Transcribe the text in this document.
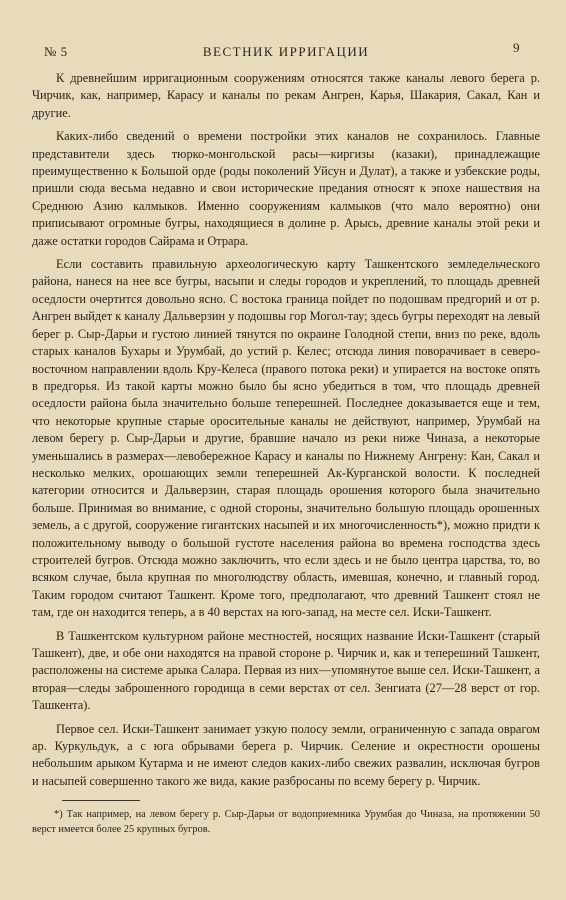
№ 5	ВЕСТНИК ИРРИГАЦИИ	9

К древнейшим ирригационным сооружениям относятся также каналы левого берега р. Чирчик, как, например, Карасу и каналы по рекам Ангрен, Карья, Шакария, Сакал, Кан и другие.

Каких-либо сведений о времени постройки этих каналов не сохранилось. Главные представители здесь тюрко-монгольской расы—киргизы (казаки), принадлежащие преимущественно к Большой орде (роды поколений Уйсун и Дулат), а также и узбекские роды, пришли сюда весьма недавно и свои исторические предания относят к эпохе нашествия на Среднюю Азию калмыков. Именно сооружениям калмыков (что мало вероятно) они приписывают огромные бугры, находящиеся в долине р. Арысь, древние каналы этой реки и даже остатки городов Сайрама и Отрара.

Если составить правильную археологическую карту Ташкентского земледельческого района, нанеся на нее все бугры, насыпи и следы городов и укреплений, то площадь древней оседлости очертится довольно ясно. С востока граница пойдет по подошвам предгорий и от р. Ангрен выйдет к каналу Дальверзин у подошвы гор Могол-тау; здесь бугры переходят на левый берег р. Сыр-Дарьи и густою линией тянутся по окраине Голодной степи, вниз по реке, вдоль старых каналов Бухары и Урумбай, до устий р. Келес; отсюда линия поворачивает в северо-восточном направлении вдоль Кру-Келеса (правого потока реки) и упирается на востоке опять в предгорья. Из такой карты можно было бы ясно убедиться в том, что площадь древней оседлости района была значительно больше теперешней. Последнее доказывается еще и тем, что некоторые крупные старые оросительные каналы не действуют, например, Урумбай на левом берегу р. Сыр-Дарьи и другие, бравшие начало из реки ниже Чиназа, а некоторые уменьшались в размерах—левобережное Карасу и каналы по Нижнему Ангрену: Кан, Сакал и несколько мелких, орошающих земли теперешней Ак-Курганской волости. К последней категории относится и Дальверзин, старая площадь орошения которого была значительно больше. Принимая во внимание, с одной стороны, значительно большую площадь орошенных земель, а с другой, сооружение гигантских насыпей и их многочисленность*), можно придти к положительному выводу о большой густоте населения района во времена господства здесь строителей бугров. Отсюда можно заключить, что если здесь и не было центра царства, то, во всяком случае, была крупная по многолюдству область, имевшая, конечно, и главный город. Таким городом считают Ташкент. Кроме того, предполагают, что древний Ташкент стоял не там, где он находится теперь, а в 40 верстах на юго-запад, на месте сел. Иски-Ташкент.

В Ташкентском культурном районе местностей, носящих название Иски-Ташкент (старый Ташкент), две, и обе они находятся на правой стороне р. Чирчик и, как и теперешний Ташкент, расположены на системе арыка Салара. Первая из них—упомянутое выше сел. Иски-Ташкент, а вторая—следы заброшенного городища в семи верстах от сел. Зенгиата (27—28 верст от гор. Ташкента).

Первое сел. Иски-Ташкент занимает узкую полосу земли, ограниченную с запада оврагом ар. Куркульдук, а с юга обрывами берега р. Чирчик. Селение и окрестности орошены небольшим арыком Кутарма и не имеют следов каких-либо свежих развалин, исключая бугров и насыпей совершенно такого же вида, какие разбросаны по всему берегу р. Чирчик.

*) Так например, на левом берегу р. Сыр-Дарьи от водоприемника Урумбая до Чиназа, на протяжении 50 верст имеется более 25 крупных бугров.
